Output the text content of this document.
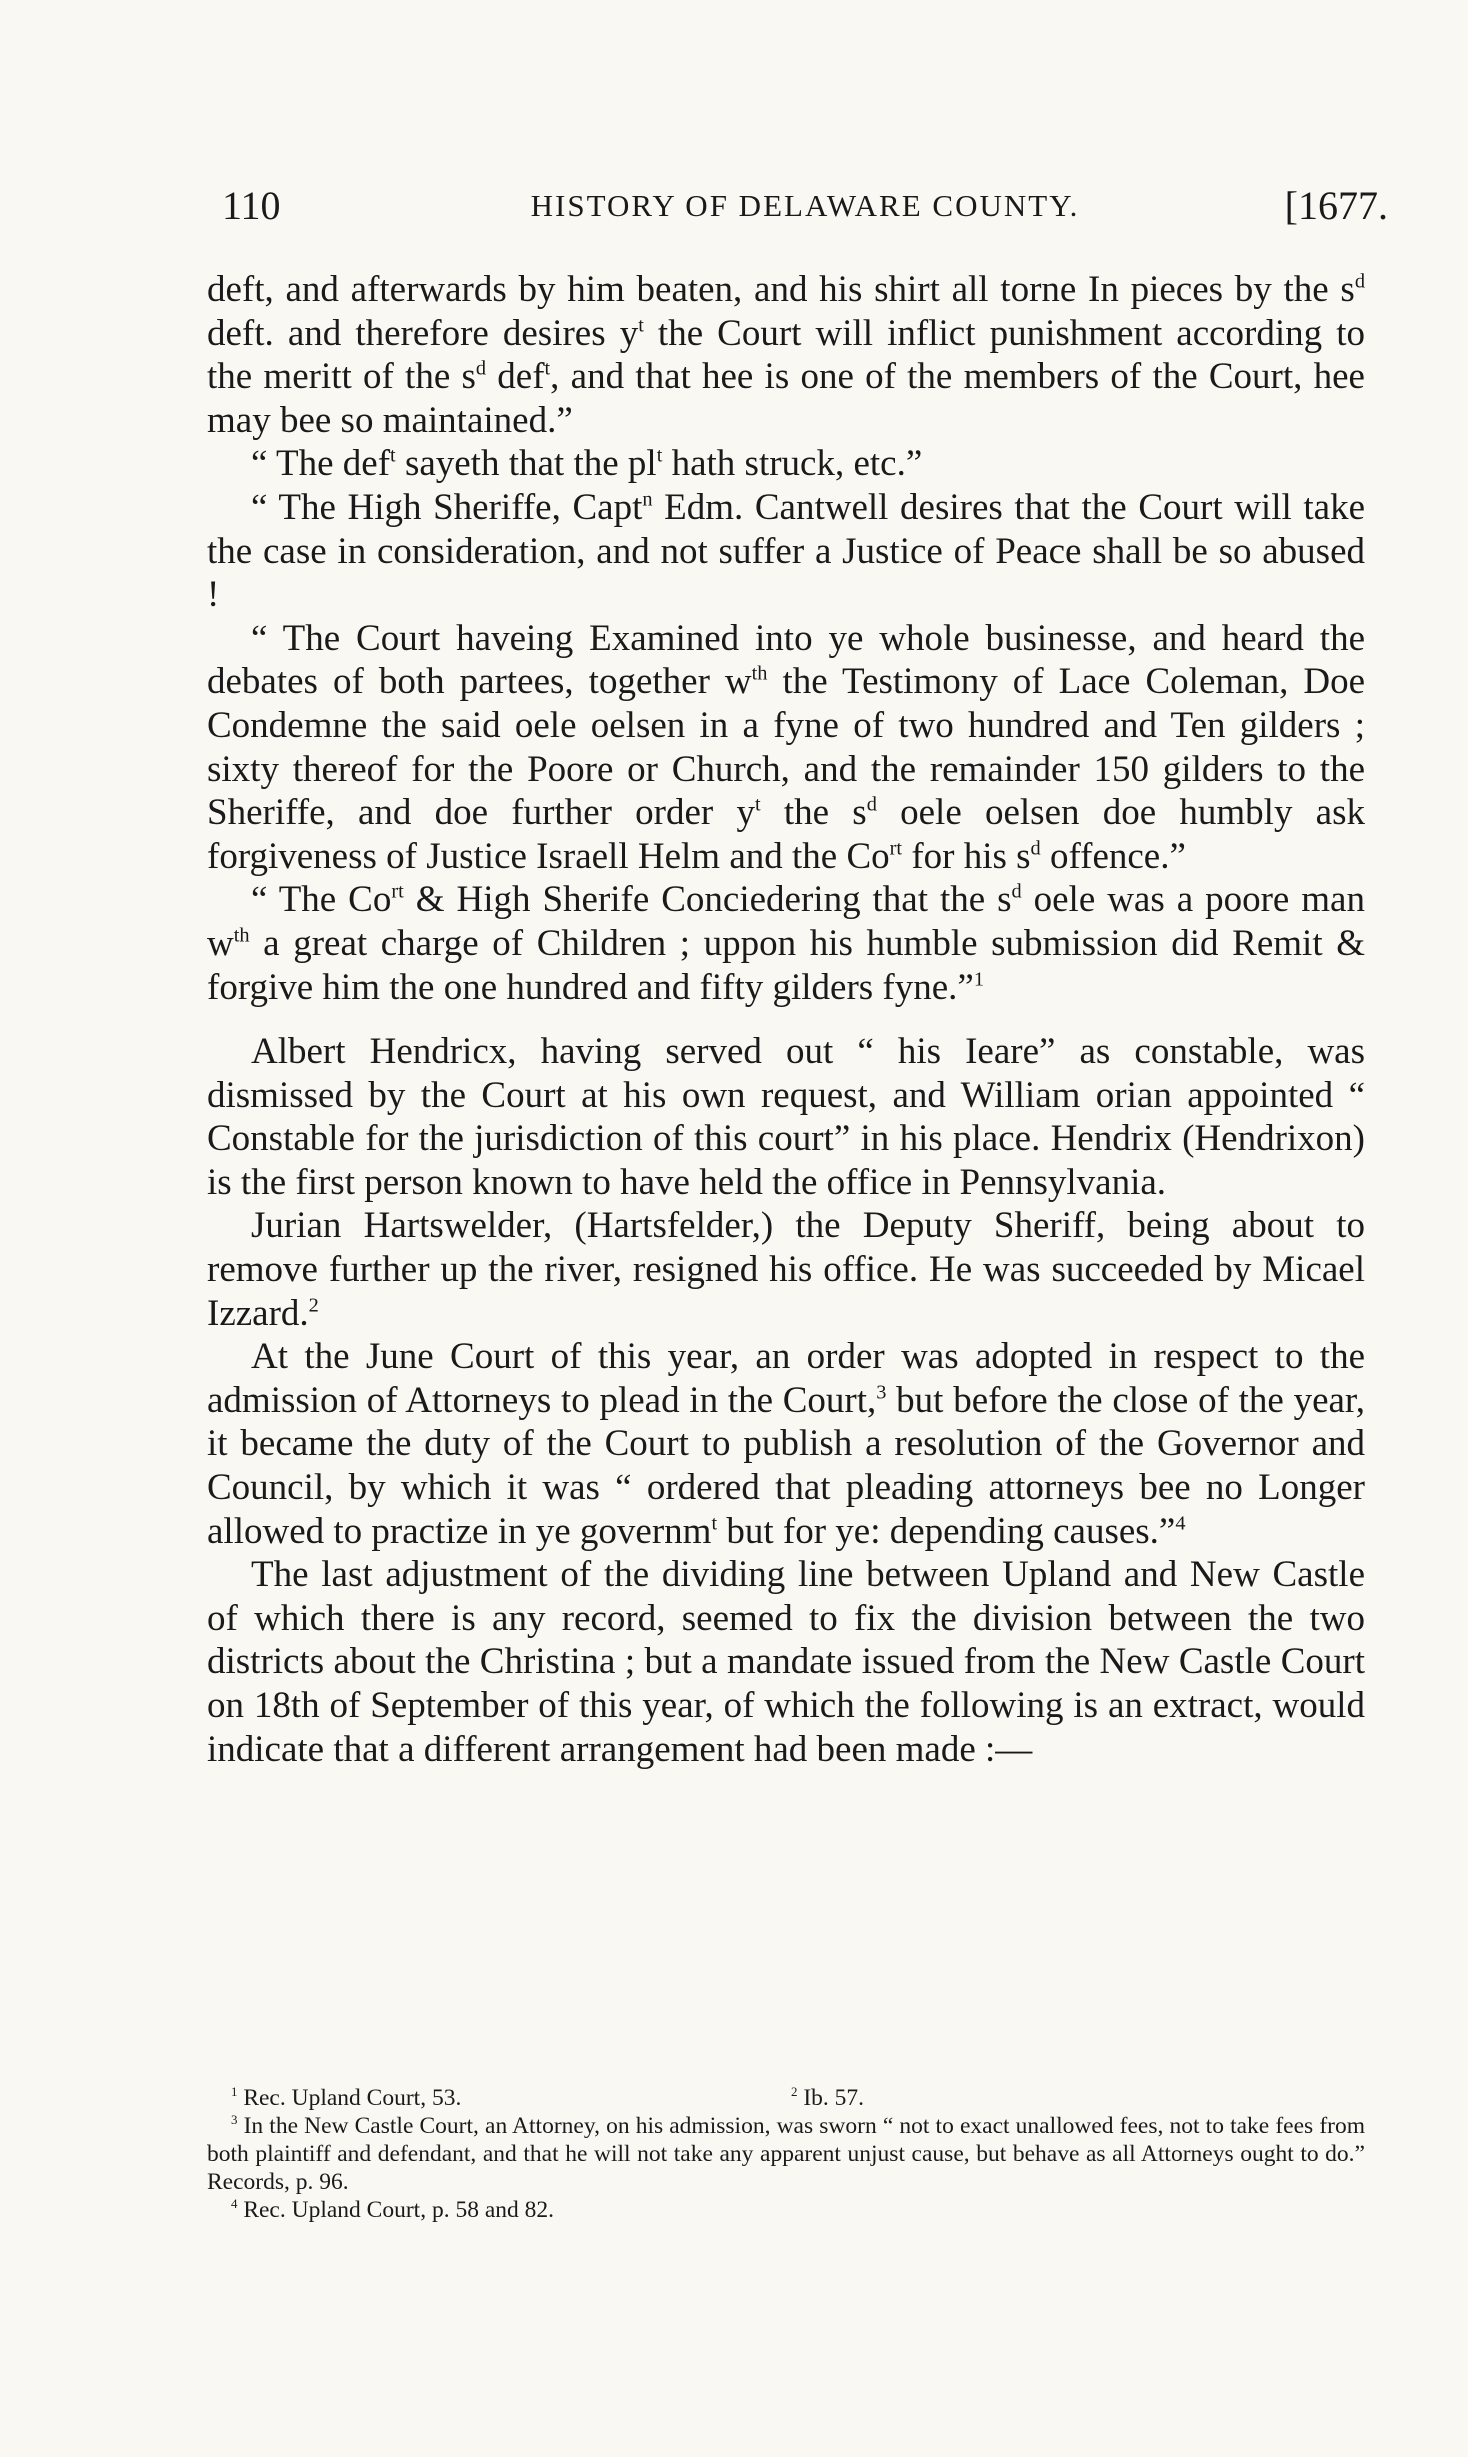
110	HISTORY OF DELAWARE COUNTY.	[1677.

deft, and afterwards by him beaten, and his shirt all torne In pieces by the $s^d$ deft. and therefore desires $y^t$ the Court will inflict punishment according to the meritt of the $s^d$ def$^t$, and that hee is one of the members of the Court, hee may bee so maintained.”

“ The def$^t$ sayeth that the $pl^t$ hath struck, etc.”

“ The High Sheriffe, Capt$^n$ Edm. Cantwell desires that the Court will take the case in consideration, and not suffer a Justice of Peace shall be so abused !

“ The Court haveing Examined into ye whole businesse, and heard the debates of both partees, together $w^{th}$ the Testimony of Lace Coleman, Doe Condemne the said oele oelsen in a fyne of two hundred and Ten gilders ; sixty thereof for the Poore or Church, and the remainder 150 gilders to the Sheriffe, and doe further order $y^t$ the $s^d$ oele oelsen doe humbly ask forgiveness of Justice Israell Helm and the $Co^{rt}$ for his $s^d$ offence.”

“ The $Co^{rt}$ & High Sherife Conciedering that the $s^d$ oele was a poore man $w^{th}$ a great charge of Children ; uppon his humble submission did Remit & forgive him the one hundred and fifty gilders fyne.”$^1$

Albert Hendricx, having served out “ his Ieare” as constable, was dismissed by the Court at his own request, and William orian appointed “ Constable for the jurisdiction of this court” in his place. Hendrix (Hendrixon) is the first person known to have held the office in Pennsylvania.

Jurian Hartswelder, (Hartsfelder,) the Deputy Sheriff, being about to remove further up the river, resigned his office. He was succeeded by Micael Izzard.$^2$

At the June Court of this year, an order was adopted in respect to the admission of Attorneys to plead in the Court,$^3$ but before the close of the year, it became the duty of the Court to publish a resolution of the Governor and Council, by which it was “ ordered that pleading attorneys bee no Longer allowed to practize in ye governm$^t$ but for ye: depending causes.”$^4$

The last adjustment of the dividing line between Upland and New Castle of which there is any record, seemed to fix the division between the two districts about the Christina ; but a mandate issued from the New Castle Court on 18th of September of this year, of which the following is an extract, would indicate that a different arrangement had been made :—

$^1$ Rec. Upland Court, 53.	$^2$ Ib. 57.

$^3$ In the New Castle Court, an Attorney, on his admission, was sworn “ not to exact unallowed fees, not to take fees from both plaintiff and defendant, and that he will not take any apparent unjust cause, but behave as all Attorneys ought to do.” Records, p. 96.

$^4$ Rec. Upland Court, p. 58 and 82.
